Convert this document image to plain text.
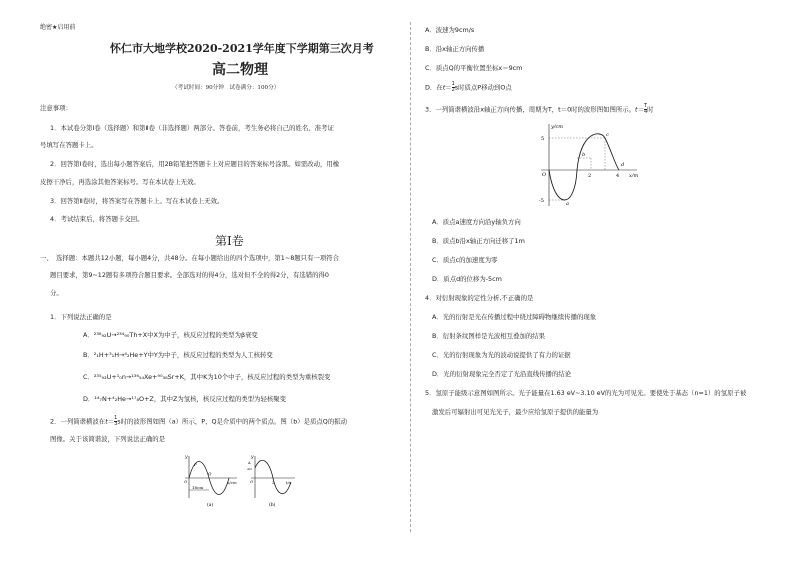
绝密★启用前
怀仁市大地学校2020-2021学年度下学期第三次月考
高二物理
（考试时间：90分钟　试卷满分：100分）
注意事项：
1．本试卷分第Ⅰ卷（选择题）和第Ⅱ卷（非选择题）两部分。答卷前，考生务必将自己的姓名、准考证
号填写在答题卡上。
2．回答第Ⅰ卷时，选出每小题答案后，用2B铅笔把答题卡上对应题目的答案标号涂黑。如需改动，用橡
皮擦干净后，再选涂其他答案标号。写在本试卷上无效。
3．回答第Ⅱ卷时，将答案写在答题卡上。写在本试卷上无效。
4．考试结束后，将答题卡交回。
第Ⅰ卷
一、　选择题：本题共12小题，每小题4分，共48分。在每小题给出的四个选项中，第1~8题只有一项符合
题目要求，第9~12题有多项符合题目要求。全部选对的得4分，选对但不全的得2分，有选错的得0
分。
1．下列说法正确的是
A．²³⁸₉₂U→²³⁴₉₀Th+X中X为中子，核反应过程的类型为β衰变
B．²₁H+³₁H→⁴₂He+Y中Y为中子，核反应过程的类型为人工核转变
C．²³⁵₉₂U+¹₀n→¹³⁶₅₄Xe+⁹⁰₃₈Sr+K，其中K为10个中子，核反应过程的类型为重核裂变
D．¹⁴₇N+⁴₂He→¹⁷₈O+Z，其中Z为氢核，核反应过程的类型为轻核聚变
2．一列简谐横波在$t= \frac{1}{3}$ s时的波形图如图（a）所示，P、Q是介质中的两个质点。图（b）是质点Q的振动
图像。关于该简谐波，下列说法正确的是
18cm
y
x/cm
O
P
Q
(a)
y
t/s
O
A
A/2
2
(b)
A．波速为9cm/s
B．沿x轴正方向传播
C．质点Q的平衡位置坐标x＝9cm
D．在$t= \frac{1}{2}$ s时质点P移动到O点
3．一列简谐横波沿x轴正方向传播，周期为T，t＝0时的波形图如图所示。$t= \frac{T}{4}$ 时
y/cm
x/m
O
5
-5
2	4
a
b
c
d
A．质点a速度方向沿y轴负方向
B．质点b沿x轴正方向迁移了1m
C．质点c的加速度为零
D．质点d的位移为-5cm
4．对衍射现象的定性分析,不正确的是
A．光的衍射是光在传播过程中绕过障碍物继续传播的现象
B．衍射条纹图样是光波相互叠加的结果
C．光的衍射现象为光的波动说提供了有力的证据
D．光的衍射现象完全否定了光沿直线传播的结论
5．氢原子能级示意图如图所示。光子能量在1.63 eV~3.10 eV的光为可见光。要使处于基态（n=1）的氢原子被
激发后可辐射出可见光光子，最少应给氢原子提供的能量为
